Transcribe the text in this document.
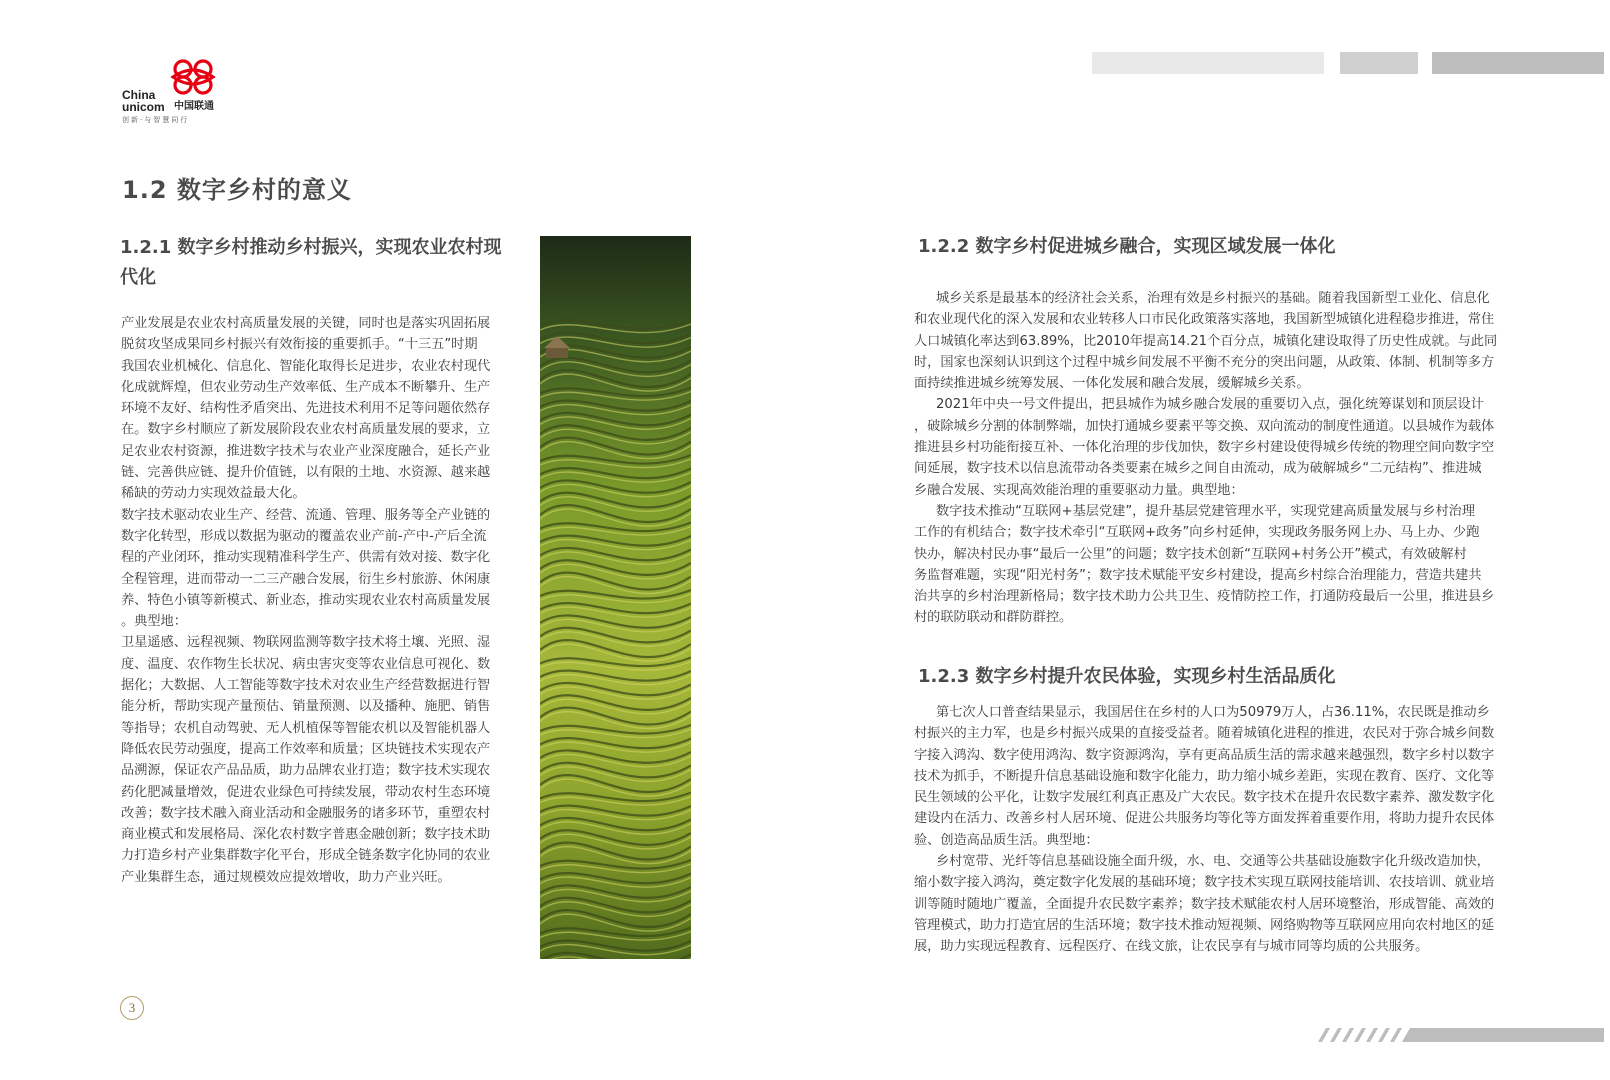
China
unicom 中国联通
创新·与智慧同行
1.2 数字乡村的意义
1.2.1 数字乡村推动乡村振兴，实现农业农村现
代化
产业发展是农业农村高质量发展的关键，同时也是落实巩固拓展
脱贫攻坚成果同乡村振兴有效衔接的重要抓手。“十三五”时期
我国农业机械化、信息化、智能化取得长足进步，农业农村现代
化成就辉煌，但农业劳动生产效率低、生产成本不断攀升、生产
环境不友好、结构性矛盾突出、先进技术利用不足等问题依然存
在。数字乡村顺应了新发展阶段农业农村高质量发展的要求，立
足农业农村资源，推进数字技术与农业产业深度融合，延长产业
链、完善供应链、提升价值链，以有限的土地、水资源、越来越
稀缺的劳动力实现效益最大化。
数字技术驱动农业生产、经营、流通、管理、服务等全产业链的
数字化转型，形成以数据为驱动的覆盖农业产前-产中-产后全流
程的产业闭环，推动实现精准科学生产、供需有效对接、数字化
全程管理，进而带动一二三产融合发展，衍生乡村旅游、休闲康
养、特色小镇等新模式、新业态，推动实现农业农村高质量发展
。典型地：
卫星遥感、远程视频、物联网监测等数字技术将土壤、光照、湿
度、温度、农作物生长状况、病虫害灾变等农业信息可视化、数
据化；大数据、人工智能等数字技术对农业生产经营数据进行智
能分析，帮助实现产量预估、销量预测、以及播种、施肥、销售
等指导；农机自动驾驶、无人机植保等智能农机以及智能机器人
降低农民劳动强度，提高工作效率和质量；区块链技术实现农产
品溯源，保证农产品品质，助力品牌农业打造；数字技术实现农
药化肥减量增效，促进农业绿色可持续发展，带动农村生态环境
改善；数字技术融入商业活动和金融服务的诸多环节，重塑农村
商业模式和发展格局、深化农村数字普惠金融创新；数字技术助
力打造乡村产业集群数字化平台，形成全链条数字化协同的农业
产业集群生态，通过规模效应提效增收，助力产业兴旺。
1.2.2 数字乡村促进城乡融合，实现区域发展一体化
城乡关系是最基本的经济社会关系，治理有效是乡村振兴的基础。随着我国新型工业化、信息化
和农业现代化的深入发展和农业转移人口市民化政策落实落地，我国新型城镇化进程稳步推进，常住
人口城镇化率达到63.89%，比2010年提高14.21个百分点，城镇化建设取得了历史性成就。与此同
时，国家也深刻认识到这个过程中城乡间发展不平衡不充分的突出问题，从政策、体制、机制等多方
面持续推进城乡统筹发展、一体化发展和融合发展，缓解城乡关系。
2021年中央一号文件提出，把县城作为城乡融合发展的重要切入点，强化统筹谋划和顶层设计
，破除城乡分割的体制弊端，加快打通城乡要素平等交换、双向流动的制度性通道。以县城作为载体
推进县乡村功能衔接互补、一体化治理的步伐加快，数字乡村建设使得城乡传统的物理空间向数字空
间延展，数字技术以信息流带动各类要素在城乡之间自由流动，成为破解城乡“二元结构”、推进城
乡融合发展、实现高效能治理的重要驱动力量。典型地：
数字技术推动“互联网+基层党建”，提升基层党建管理水平，实现党建高质量发展与乡村治理
工作的有机结合；数字技术牵引“互联网+政务”向乡村延伸，实现政务服务网上办、马上办、少跑
快办，解决村民办事“最后一公里”的问题；数字技术创新“互联网+村务公开”模式，有效破解村
务监督难题，实现“阳光村务”；数字技术赋能平安乡村建设，提高乡村综合治理能力，营造共建共
治共享的乡村治理新格局；数字技术助力公共卫生、疫情防控工作，打通防疫最后一公里，推进县乡
村的联防联动和群防群控。
1.2.3 数字乡村提升农民体验，实现乡村生活品质化
第七次人口普查结果显示，我国居住在乡村的人口为50979万人，占36.11%，农民既是推动乡
村振兴的主力军，也是乡村振兴成果的直接受益者。随着城镇化进程的推进，农民对于弥合城乡间数
字接入鸿沟、数字使用鸿沟、数字资源鸿沟，享有更高品质生活的需求越来越强烈，数字乡村以数字
技术为抓手，不断提升信息基础设施和数字化能力，助力缩小城乡差距，实现在教育、医疗、文化等
民生领域的公平化，让数字发展红利真正惠及广大农民。数字技术在提升农民数字素养、激发数字化
建设内在活力、改善乡村人居环境、促进公共服务均等化等方面发挥着重要作用，将助力提升农民体
验、创造高品质生活。典型地：
乡村宽带、光纤等信息基础设施全面升级，水、电、交通等公共基础设施数字化升级改造加快，
缩小数字接入鸿沟，奠定数字化发展的基础环境；数字技术实现互联网技能培训、农技培训、就业培
训等随时随地广覆盖，全面提升农民数字素养；数字技术赋能农村人居环境整治，形成智能、高效的
管理模式，助力打造宜居的生活环境；数字技术推动短视频、网络购物等互联网应用向农村地区的延
展，助力实现远程教育、远程医疗、在线文旅，让农民享有与城市同等均质的公共服务。
3
